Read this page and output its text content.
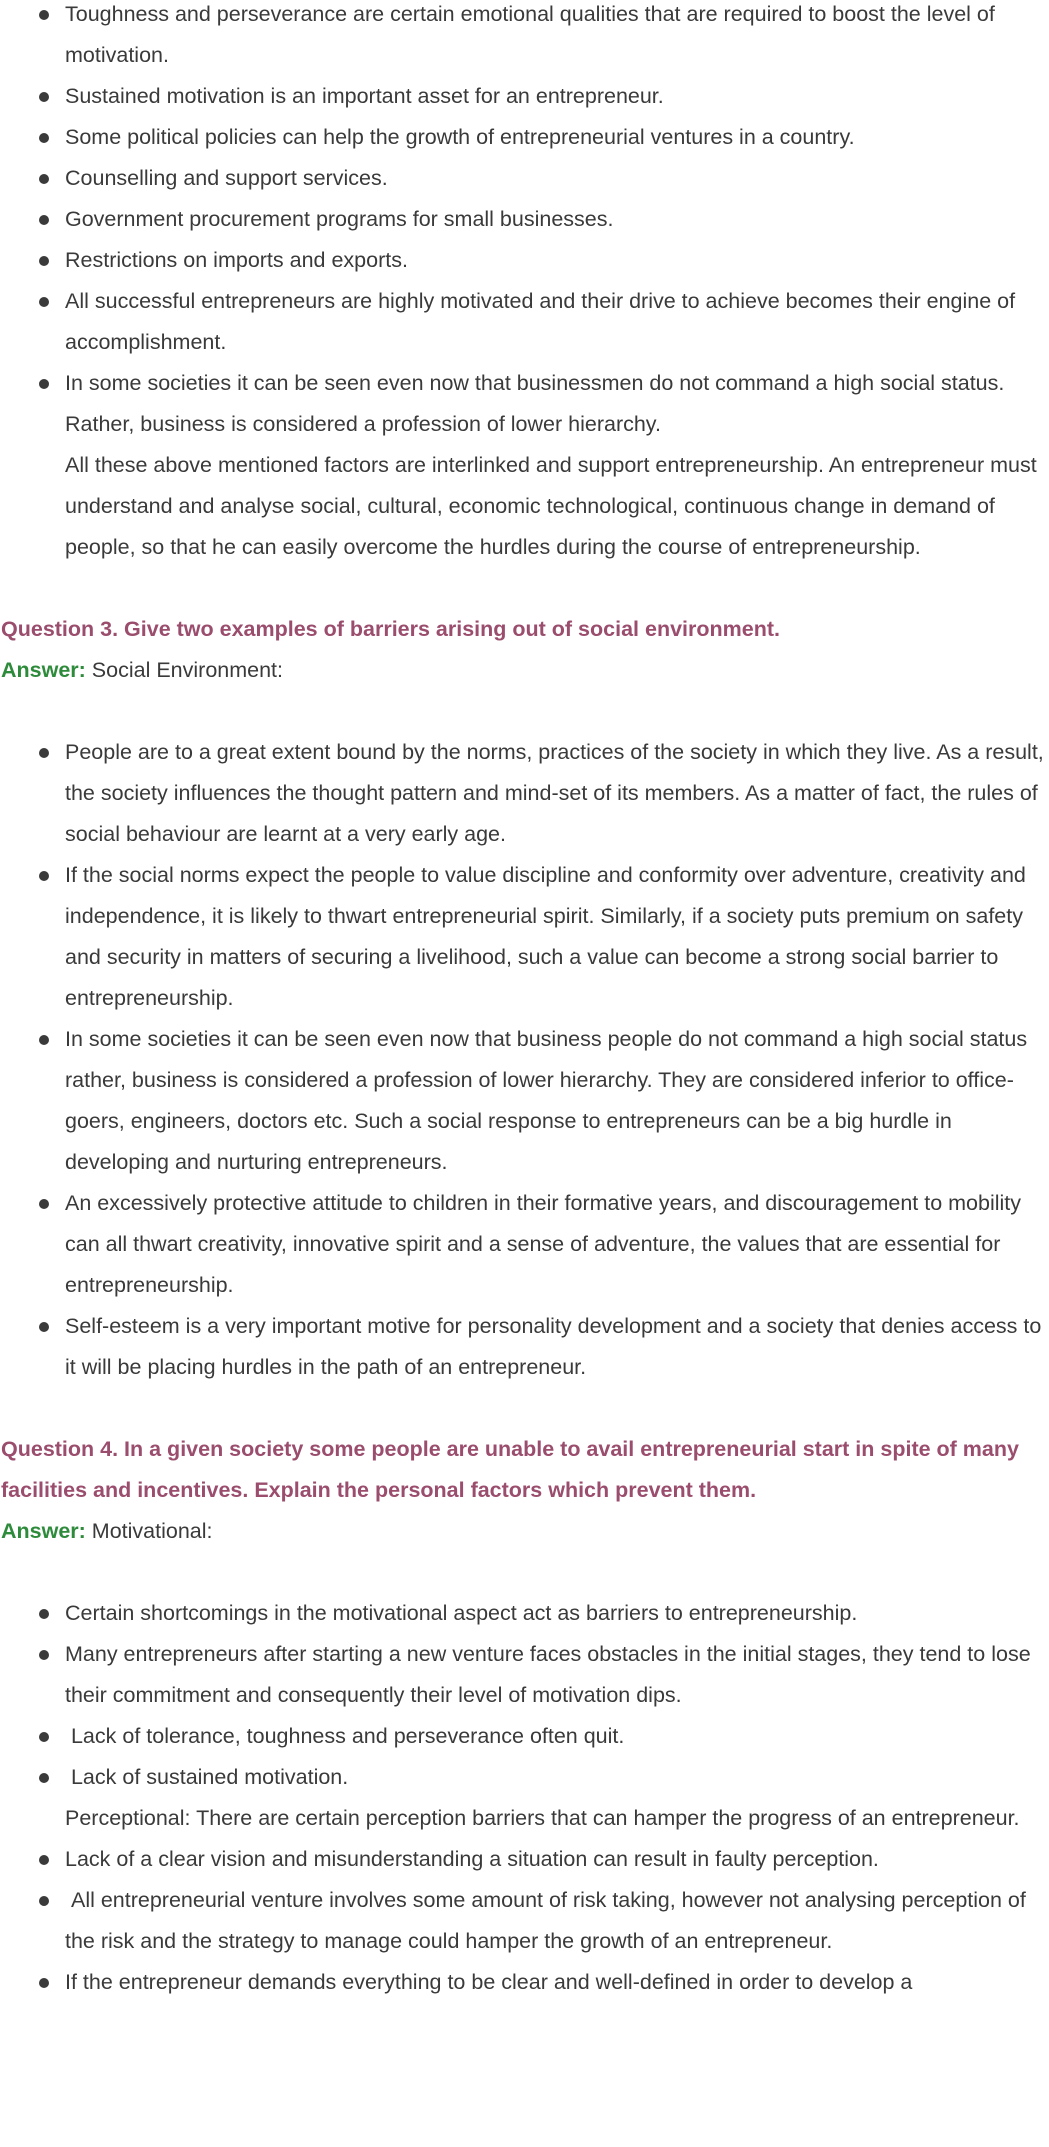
Toughness and perseverance are certain emotional qualities that are required to boost the level of motivation.
Sustained motivation is an important asset for an entrepreneur.
Some political policies can help the growth of entrepreneurial ventures in a country.
Counselling and support services.
Government procurement programs for small businesses.
Restrictions on imports and exports.
All successful entrepreneurs are highly motivated and their drive to achieve becomes their engine of accomplishment.
In some societies it can be seen even now that businessmen do not command a high social status. Rather, business is considered a profession of lower hierarchy.
All these above mentioned factors are interlinked and support entrepreneurship. An entrepreneur must understand and analyse social, cultural, economic technological, continuous change in demand of people, so that he can easily overcome the hurdles during the course of entrepreneurship.
Question 3. Give two examples of barriers arising out of social environment.
Answer: Social Environment:
People are to a great extent bound by the norms, practices of the society in which they live. As a result, the society influences the thought pattern and mind-set of its members. As a matter of fact, the rules of social behaviour are learnt at a very early age.
If the social norms expect the people to value discipline and conformity over adventure, creativity and independence, it is likely to thwart entrepreneurial spirit. Similarly, if a society puts premium on safety and security in matters of securing a livelihood, such a value can become a strong social barrier to entrepreneurship.
In some societies it can be seen even now that business people do not command a high social status rather, business is considered a profession of lower hierarchy. They are considered inferior to office-goers, engineers, doctors etc. Such a social response to entrepreneurs can be a big hurdle in developing and nurturing entrepreneurs.
An excessively protective attitude to children in their formative years, and discouragement to mobility can all thwart creativity, innovative spirit and a sense of adventure, the values that are essential for entrepreneurship.
Self-esteem is a very important motive for personality development and a society that denies access to it will be placing hurdles in the path of an entrepreneur.
Question 4. In a given society some people are unable to avail entrepreneurial start in spite of many facilities and incentives. Explain the personal factors which prevent them.
Answer: Motivational:
Certain shortcomings in the motivational aspect act as barriers to entrepreneurship.
Many entrepreneurs after starting a new venture faces obstacles in the initial stages, they tend to lose their commitment and consequently their level of motivation dips.
Lack of tolerance, toughness and perseverance often quit.
Lack of sustained motivation.
Perceptional: There are certain perception barriers that can hamper the progress of an entrepreneur.
Lack of a clear vision and misunderstanding a situation can result in faulty perception.
All entrepreneurial venture involves some amount of risk taking, however not analysing perception of the risk and the strategy to manage could hamper the growth of an entrepreneur.
If the entrepreneur demands everything to be clear and well-defined in order to develop a
